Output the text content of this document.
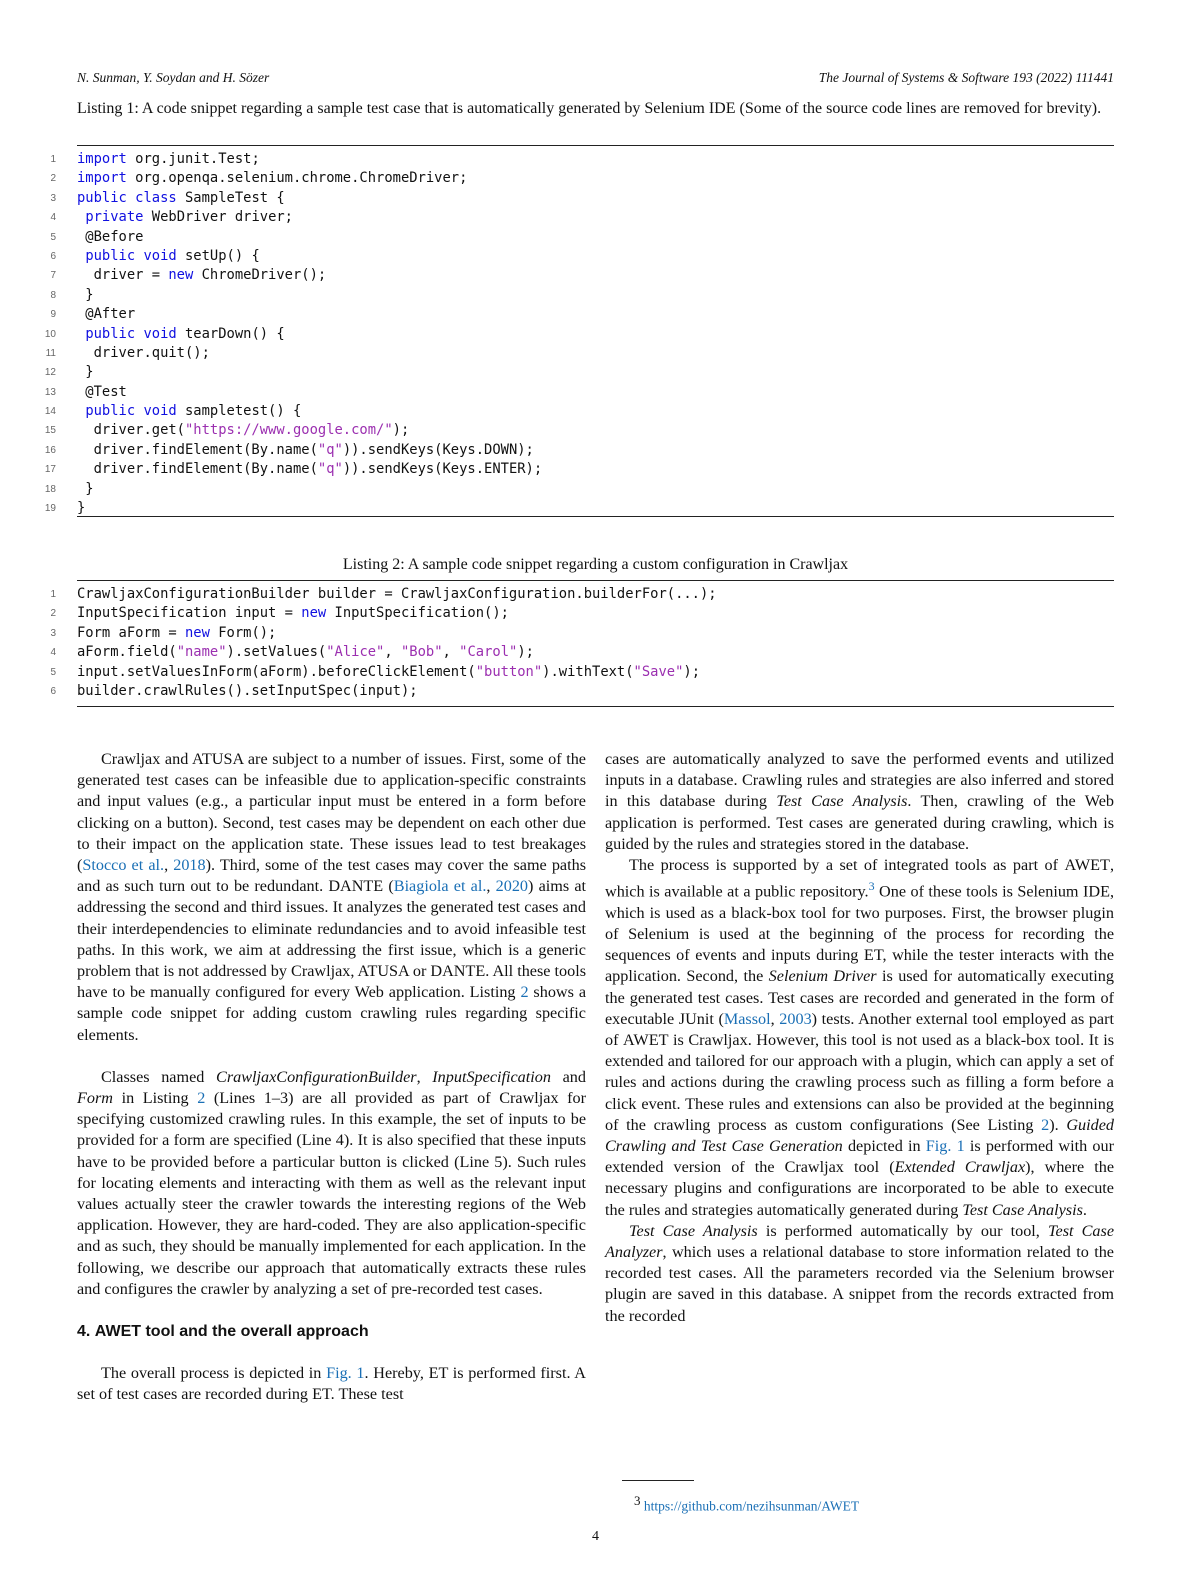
N. Sunman, Y. Soydan and H. Sözer	The Journal of Systems & Software 193 (2022) 111441
Listing 1: A code snippet regarding a sample test case that is automatically generated by Selenium IDE (Some of the source code lines are removed for brevity).
1 import org.junit.Test;
2 import org.openqa.selenium.chrome.ChromeDriver;
3 public class SampleTest {
4	private WebDriver driver;
5 @Before
6	public void setUp() {
7 driver = new ChromeDriver();
8 }
9 @After
10	public void tearDown() {
11 driver.quit();
12 }
13 @Test
14	public void sampletest() {
15 driver.get("https://www.google.com/");
16 driver.findElement(By.name("q")).sendKeys(Keys.DOWN);
17 driver.findElement(By.name("q")).sendKeys(Keys.ENTER);
18 }
19 }
Listing 2: A sample code snippet regarding a custom configuration in Crawljax
1 CrawljaxConfigurationBuilder builder = CrawljaxConfiguration.builderFor(...);
2 InputSpecification input = new InputSpecification();
3 Form aForm = new Form();
4 aForm.field("name").setValues("Alice", "Bob", "Carol");
5 input.setValuesInForm(aForm).beforeClickElement("button").withText("Save");
6 builder.crawlRules().setInputSpec(input);

Crawljax and ATUSA are subject to a number of issues. First, some of the generated test cases can be infeasible due to application-specific constraints and input values (e.g., a particular input must be entered in a form before clicking on a button). Second, test cases may be dependent on each other due to their impact on the application state. These issues lead to test breakages (Stocco et al., 2018). Third, some of the test cases may cover the same paths and as such turn out to be redundant. DANTE (Biagiola et al., 2020) aims at addressing the second and third issues. It analyzes the generated test cases and their interdependencies to eliminate redundancies and to avoid infeasible test paths. In this work, we aim at addressing the first issue, which is a generic problem that is not addressed by Crawljax, ATUSA or DANTE. All these tools have to be manually configured for every Web application. Listing 2 shows a sample code snippet for adding custom crawling rules regarding specific elements.

Classes named CrawljaxConfigurationBuilder, InputSpecification and Form in Listing 2 (Lines 1–3) are all provided as part of Crawljax for specifying customized crawling rules. In this example, the set of inputs to be provided for a form are specified (Line 4). It is also specified that these inputs have to be provided before a particular button is clicked (Line 5). Such rules for locating elements and interacting with them as well as the relevant input values actually steer the crawler towards the interesting regions of the Web application. However, they are hard-coded. They are also application-specific and as such, they should be manually implemented for each application. In the following, we describe our approach that automatically extracts these rules and configures the crawler by analyzing a set of pre-recorded test cases.

4. AWET tool and the overall approach

The overall process is depicted in Fig. 1. Hereby, ET is performed first. A set of test cases are recorded during ET. These test

cases are automatically analyzed to save the performed events and utilized inputs in a database. Crawling rules and strategies are also inferred and stored in this database during Test Case Analysis. Then, crawling of the Web application is performed. Test cases are generated during crawling, which is guided by the rules and strategies stored in the database.

The process is supported by a set of integrated tools as part of AWET, which is available at a public repository.$^3$ One of these tools is Selenium IDE, which is used as a black-box tool for two purposes. First, the browser plugin of Selenium is used at the beginning of the process for recording the sequences of events and inputs during ET, while the tester interacts with the application. Second, the Selenium Driver is used for automatically executing the generated test cases. Test cases are recorded and generated in the form of executable JUnit (Massol, 2003) tests. Another external tool employed as part of AWET is Crawljax. However, this tool is not used as a black-box tool. It is extended and tailored for our approach with a plugin, which can apply a set of rules and actions during the crawling process such as filling a form before a click event. These rules and extensions can also be provided at the beginning of the crawling process as custom configurations (See Listing 2). Guided Crawling and Test Case Generation depicted in Fig. 1 is performed with our extended version of the Crawljax tool (Extended Crawljax), where the necessary plugins and configurations are incorporated to be able to execute the rules and strategies automatically generated during Test Case Analysis.

Test Case Analysis is performed automatically by our tool, Test Case Analyzer, which uses a relational database to store information related to the recorded test cases. All the parameters recorded via the Selenium browser plugin are saved in this database. A snippet from the records extracted from the recorded

$^3$ https://github.com/nezihsunman/AWET
4
